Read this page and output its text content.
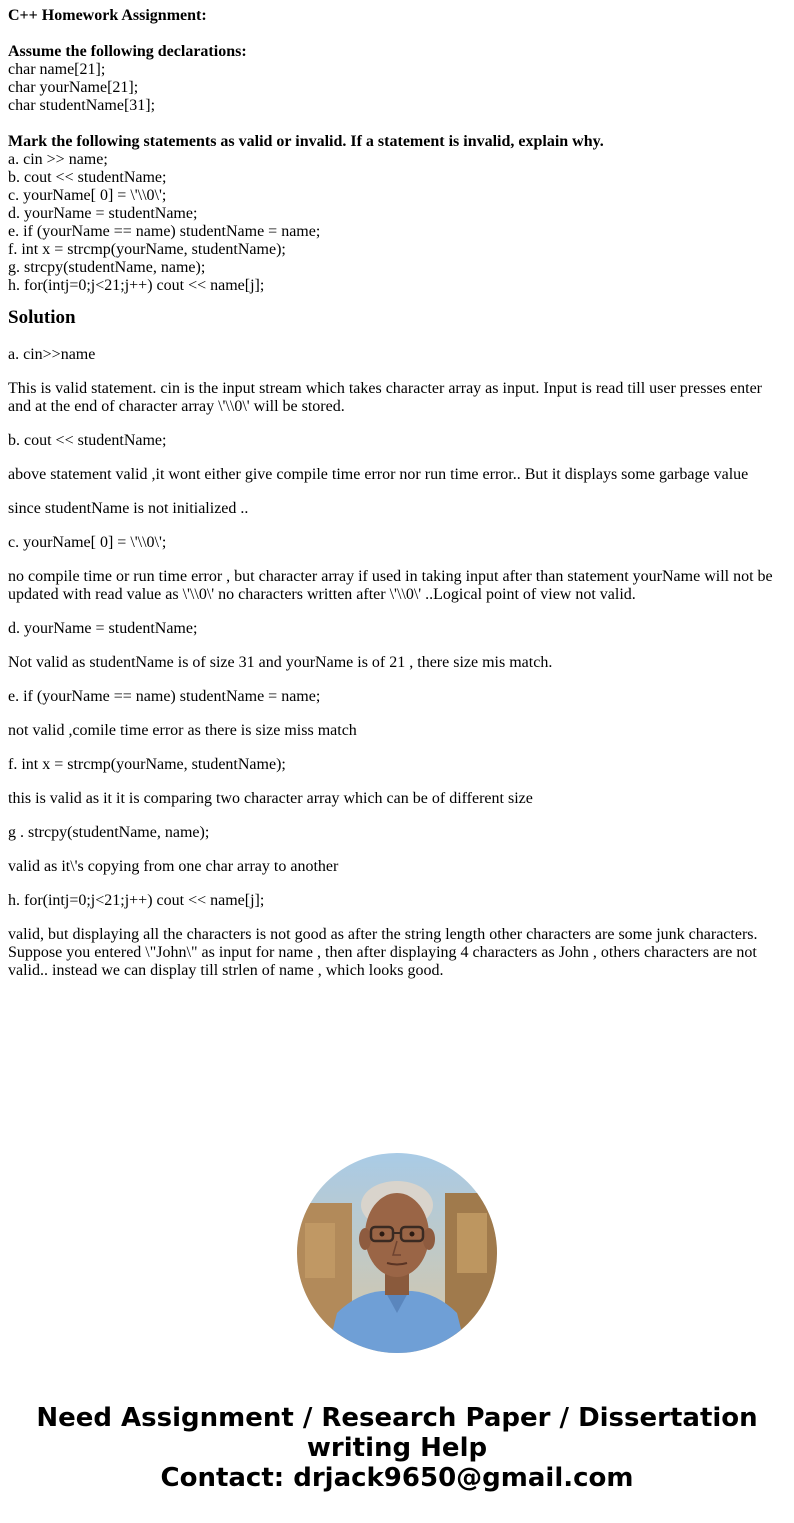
C++ Homework Assignment:
Assume the following declarations:
char name[21];
char yourName[21];
char studentName[31];
Mark the following statements as valid or invalid. If a statement is invalid, explain why.
a. cin >> name;
b. cout << studentName;
c. yourName[ 0] = \'\\0\';
d. yourName = studentName;
e. if (yourName == name) studentName = name;
f. int x = strcmp(yourName, studentName);
g. strcpy(studentName, name);
h. for(intj=0;j<21;j++) cout << name[j];
Solution

a. cin>>name

This is valid statement. cin is the input stream which takes character array as input. Input is read till user presses enter and at the end of character array \'\\0\' will be stored.

b. cout << studentName;

above statement valid ,it wont either give compile time error nor run time error.. But it displays some garbage value

since studentName is not initialized ..

c. yourName[ 0] = \'\\0\';

no compile time or run time error , but character array if used in taking input after than statement yourName will not be updated with read value as \'\\0\' no characters written after \'\\0\' ..Logical point of view not valid.

d. yourName = studentName;

Not valid as studentName is of size 31 and yourName is of 21 , there size mis match.

e. if (yourName == name) studentName = name;

not valid ,comile time error as there is size miss match

f. int x = strcmp(yourName, studentName);

this is valid as it it is comparing two character array which can be of different size

g . strcpy(studentName, name);

valid as it\'s copying from one char array to another

h. for(intj=0;j<21;j++) cout << name[j];

valid, but displaying all the characters is not good as after the string length other characters are some junk characters. Suppose you entered \"John\" as input for name , then after displaying 4 characters as John , others characters are not valid.. instead we can display till strlen of name , which looks good.

Need Assignment / Research Paper / Dissertation
writing Help
Contact: drjack9650@gmail.com
